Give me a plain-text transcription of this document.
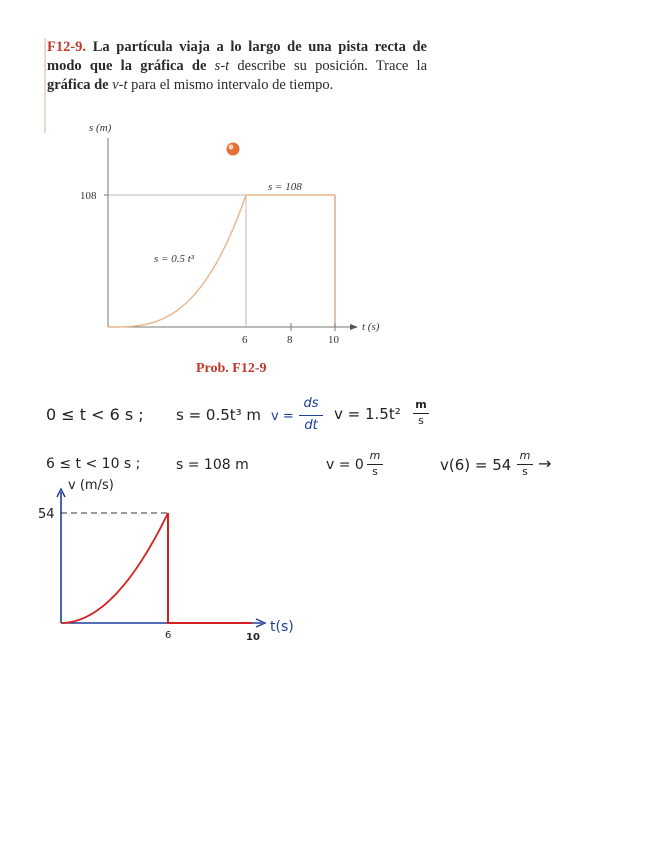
F12-9. La partícula viaja a lo largo de una pista recta de modo que la gráfica de s-t describe su posición. Trace la gráfica de v-t para el mismo intervalo de tiempo.
s (m)
t (s)
108
6	8	10
s = 0.5 t³
s = 108
Prob. F12-9
0 ≤ t < 6 s ; s = 0.5t³ m v =
ds
dt
v = 1.5t²
m
s
6 ≤ t < 10 s ;	s = 108 m	v = 0
m
s	v(6) = 54
m
s →
54
v (m/s)
6	10
t(s)
